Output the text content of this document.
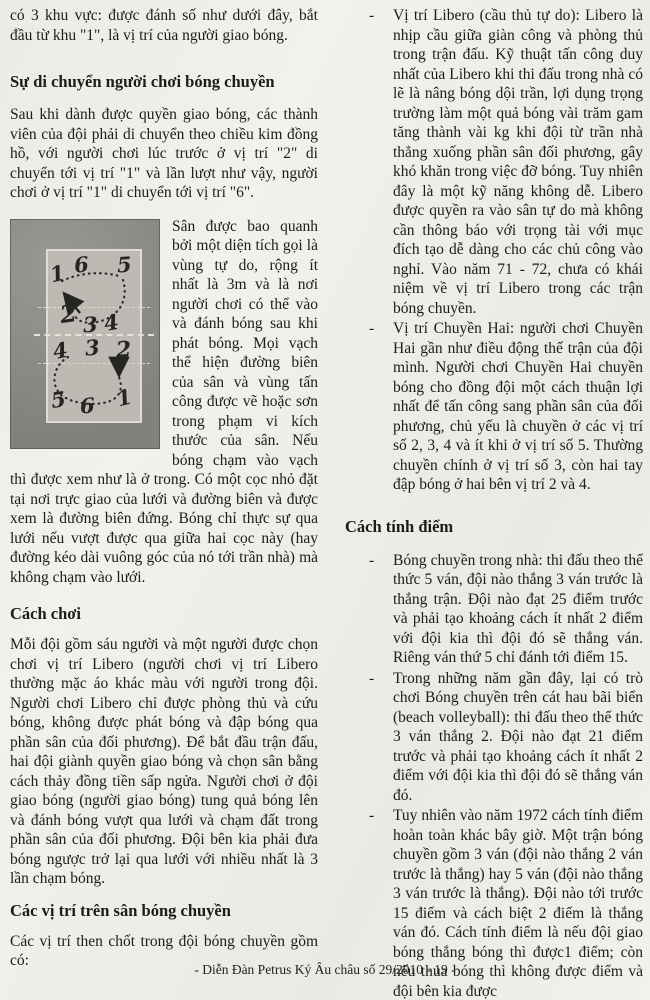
có 3 khu vực: được đánh số như dưới đây, bắt đầu từ khu "1", là vị trí của người giao bóng.

Sự di chuyển người chơi bóng chuyền

Sau khi dành được quyền giao bóng, các thành viên của đội phải di chuyển theo chiều kim đồng hồ, với người chơi lúc trước ở vị trí "2" di chuyển tới vị trí "1" và lần lượt như vậy, người chơi ở vị trí "1" di chuyển tới vị trí "6".

1 6 5
2 3 4
4 3 2
5 6 1

Sân được bao quanh bởi một diện tích gọi là vùng tự do, rộng ít nhất là 3m và là nơi người chơi có thể vào và đánh bóng sau khi phát bóng. Mọi vạch thể hiện đường biên của sân và vùng tấn công được vẽ hoặc sơn trong phạm vi kích thước của sân. Nếu bóng chạm vào vạch thì được xem như là ở trong. Có một cọc nhỏ đặt tại nơi trực giao của lưới và đường biên và được xem là đường biên đứng. Bóng chỉ thực sự qua lưới nếu vượt được qua giữa hai cọc này (hay đường kéo dài vuông góc của nó tới trần nhà) mà không chạm vào lưới.

Cách chơi

Mỗi đội gồm sáu người và một người được chọn chơi vị trí Libero (người chơi vị trí Libero thường mặc áo khác màu với người trong đội. Người chơi Libero chỉ được phòng thủ và cứu bóng, không được phát bóng và đập bóng qua phần sân của đối phương). Để bắt đầu trận đấu, hai đội giành quyền giao bóng và chọn sân bằng cách thảy đồng tiền sấp ngửa. Người chơi ở đội giao bóng (người giao bóng) tung quả bóng lên và đánh bóng vượt qua lưới và chạm đất trong phần sân của đối phương. Đội bên kia phải đưa bóng ngược trở lại qua lưới với nhiều nhất là 3 lần chạm bóng.

Các vị trí trên sân bóng chuyền

Các vị trí then chốt trong đội bóng chuyền gồm có:

- Vị trí Libero (cầu thủ tự do): Libero là nhịp cầu giữa giàn công và phòng thủ trong trận đấu. Kỹ thuật tấn công duy nhất của Libero khi thi đấu trong nhà có lẽ là nâng bóng dội trần, lợi dụng trọng trường làm một quả bóng vài trăm gam tăng thành vài kg khi đội từ trần nhà thẳng xuống phần sân đối phương, gây khó khăn trong việc đỡ bóng. Tuy nhiên đây là một kỹ năng không dễ. Libero được quyền ra vào sân tự do mà không cần thông báo với trọng tài với mục đích tạo dễ dàng cho các chủ công vào nghỉ. Vào năm 71 - 72, chưa có khái niệm về vị trí Libero trong các trận bóng chuyền.
- Vị trí Chuyền Hai: người chơi Chuyền Hai gần như điều động thế trận của đội mình. Người chơi Chuyền Hai chuyền bóng cho đồng đội một cách thuận lợi nhất để tấn công sang phần sân của đối phương, chủ yếu là chuyền ở các vị trí số 2, 3, 4 và ít khi ở vị trí số 5. Thường chuyền chính ở vị trí số 3, còn hai tay đập bóng ở hai bên vị trí 2 và 4.
Cách tính điểm
- Bóng chuyền trong nhà: thi đấu theo thể thức 5 ván, đội nào thắng 3 ván trước là thắng trận. Đội nào đạt 25 điểm trước và phải tạo khoảng cách ít nhất 2 điểm với đội kia thì đội đó sẽ thắng ván. Riêng ván thứ 5 chỉ đánh tới điểm 15.
- Trong những năm gần đây, lại có trò chơi Bóng chuyền trên cát hau bãi biển (beach volleyball): thi đấu theo thể thức 3 ván thắng 2. Đội nào đạt 21 điểm trước và phải tạo khoảng cách ít nhất 2 điểm với đội kia thì đội đó sẽ thắng ván đó.
- Tuy nhiên vào năm 1972 cách tính điểm hoàn toàn khác bây giờ. Một trận bóng chuyền gồm 3 ván (đội nào thắng 2 ván trước là thắng) hay 5 ván (đội nào thắng 3 ván trước là thắng). Đội nào tới trước 15 điểm và cách biệt 2 điểm là thắng ván đó. Cách tính điểm là nếu đội giao bóng thắng bóng thì được1 điểm; còn nếu thua bóng thì không được điểm và đội bên kia được
- Diễn Đàn Petrus Ký Âu châu số 29/2010 - 19 -
